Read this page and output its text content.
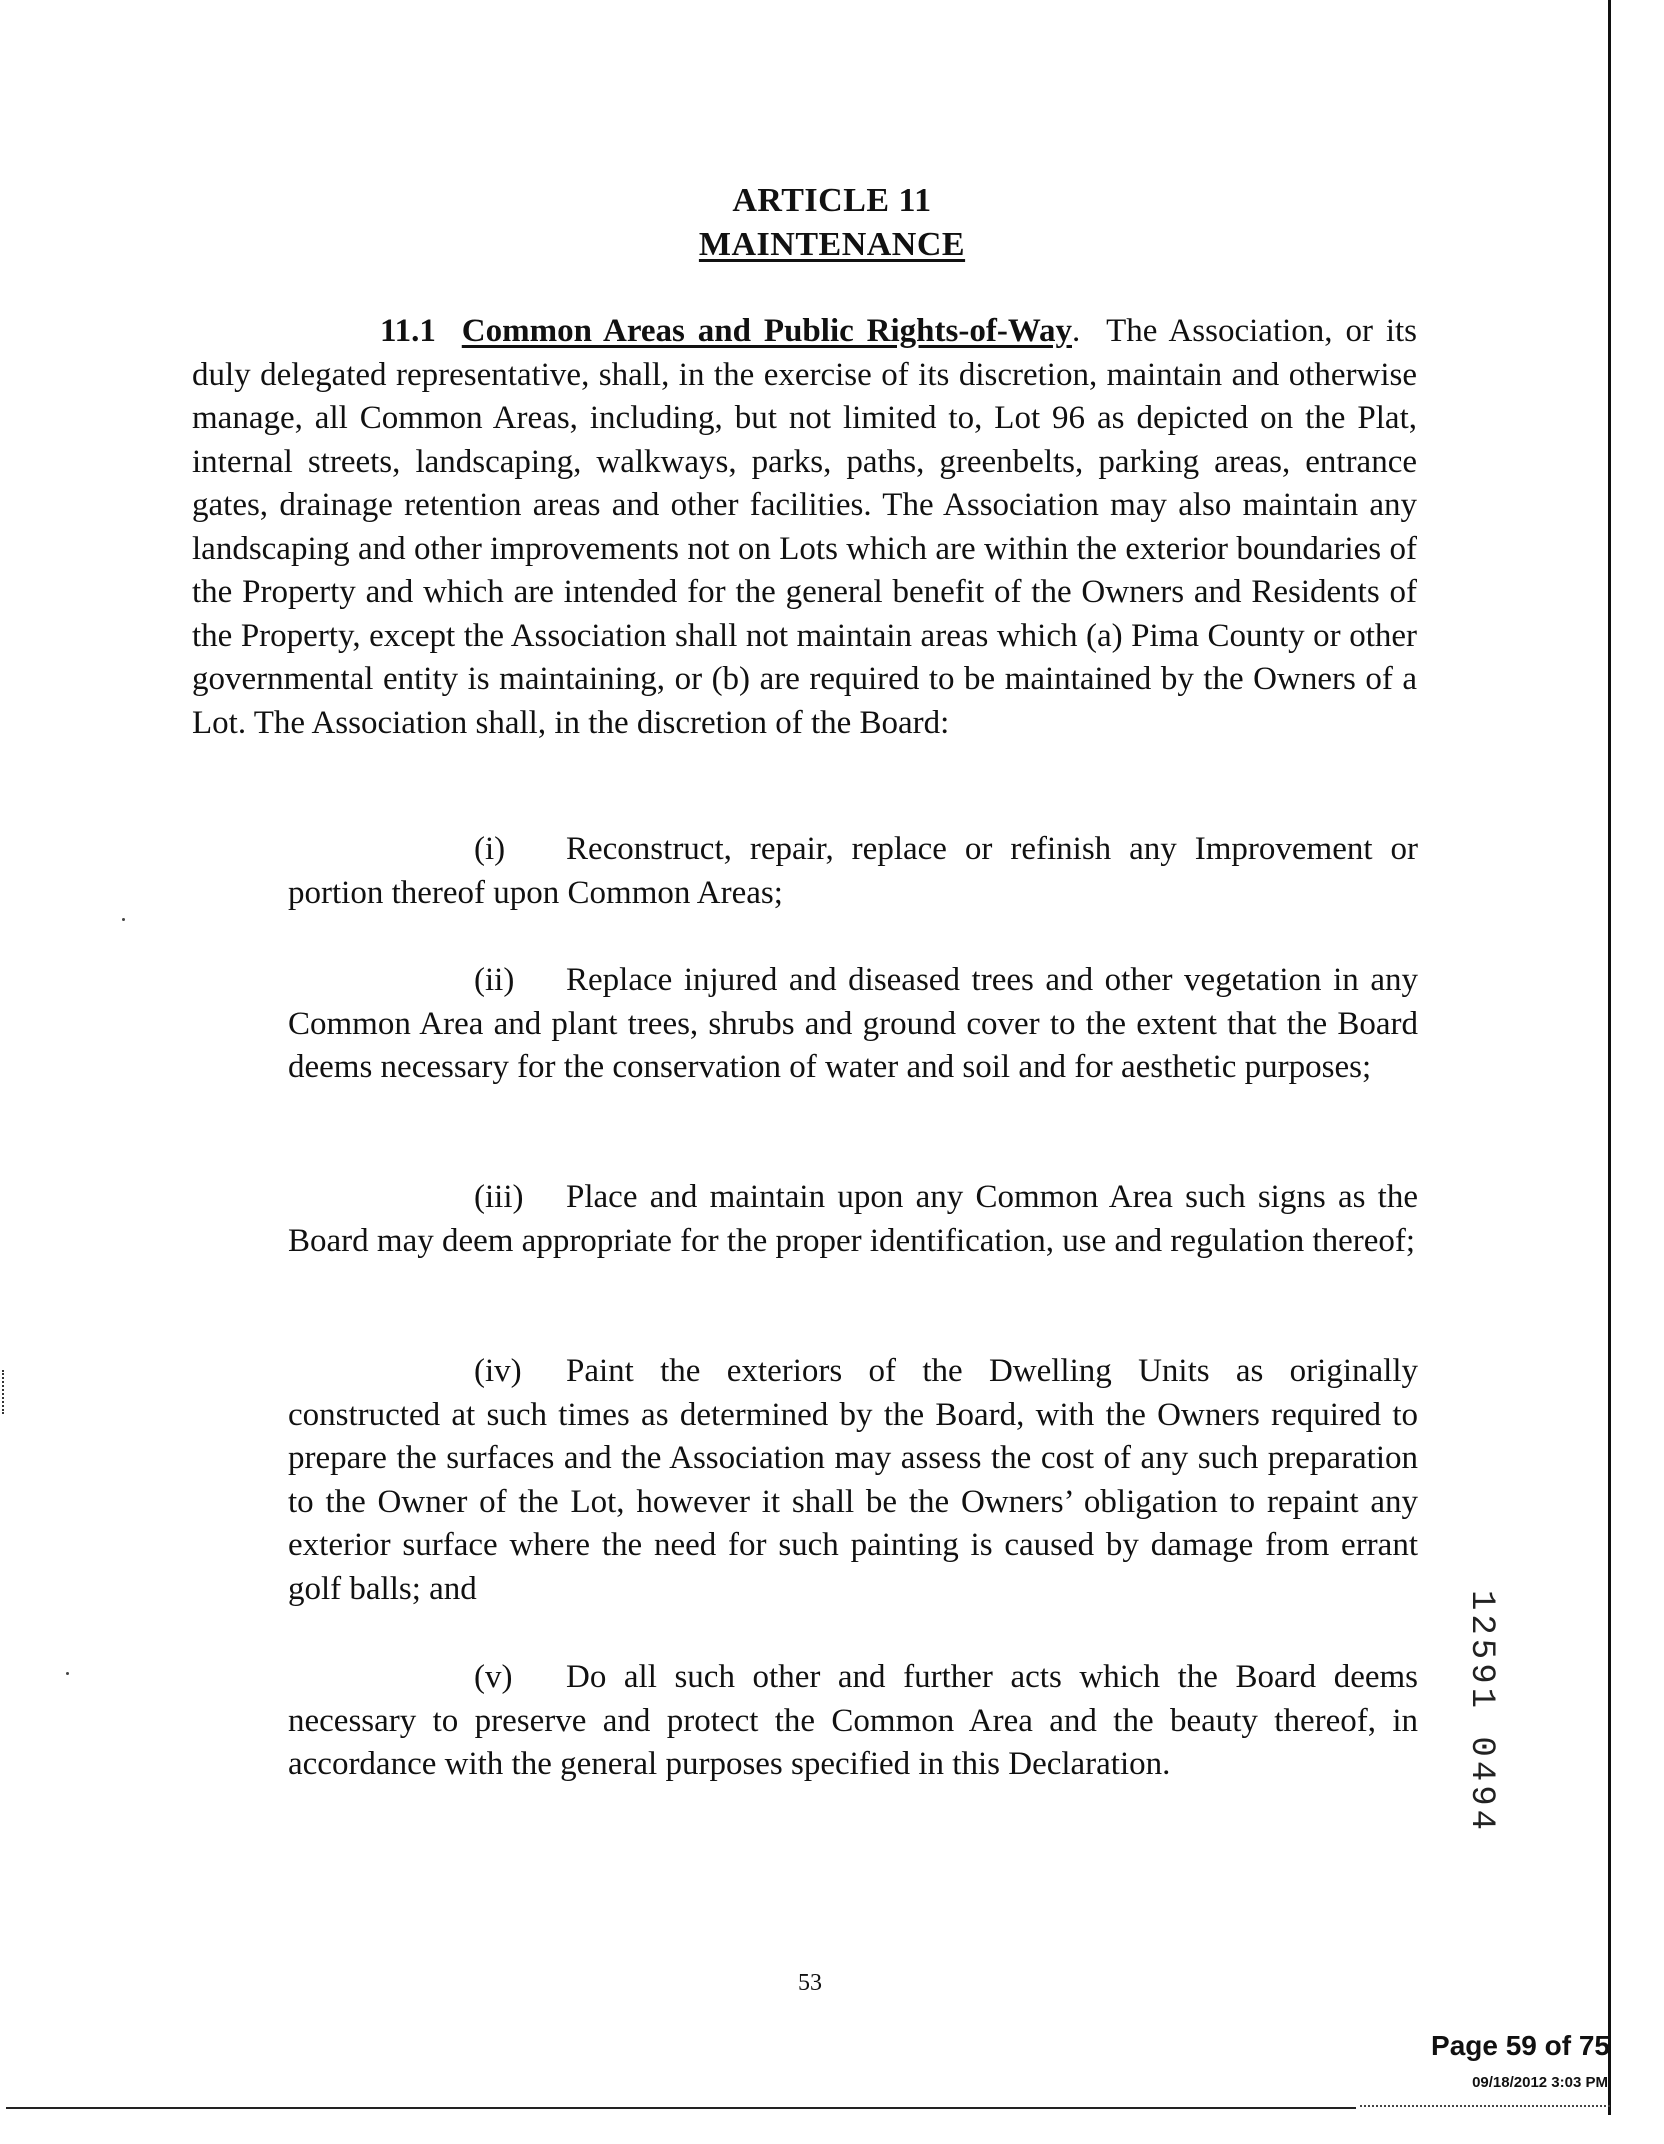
ARTICLE 11
MAINTENANCE

11.1 Common Areas and Public Rights-of-Way.  The Association, or its duly delegated representative, shall, in the exercise of its discretion, maintain and otherwise manage, all Common Areas, including, but not limited to, Lot 96 as depicted on the Plat, internal streets, landscaping, walkways, parks, paths, greenbelts, parking areas, entrance gates, drainage retention areas and other facilities. The Association may also maintain any landscaping and other improvements not on Lots which are within the exterior boundaries of the Property and which are intended for the general benefit of the Owners and Residents of the Property, except the Association shall not maintain areas which (a) Pima County or other governmental entity is maintaining, or (b) are required to be maintained by the Owners of a Lot. The Association shall, in the discretion of the Board:

(i) Reconstruct, repair, replace or refinish any Improvement or portion thereof upon Common Areas;

(ii) Replace injured and diseased trees and other vegetation in any Common Area and plant trees, shrubs and ground cover to the extent that the Board deems necessary for the conservation of water and soil and for aesthetic purposes;

(iii) Place and maintain upon any Common Area such signs as the Board may deem appropriate for the proper identification, use and regulation thereof;

(iv) Paint the exteriors of the Dwelling Units as originally constructed at such times as determined by the Board, with the Owners required to prepare the surfaces and the Association may assess the cost of any such preparation to the Owner of the Lot, however it shall be the Owners’ obligation to repaint any exterior surface where the need for such painting is caused by damage from errant golf balls; and

(v) Do all such other and further acts which the Board deems necessary to preserve and protect the Common Area and the beauty thereof, in accordance with the general purposes specified in this Declaration.

53
12591 0494
Page 59 of 75
09/18/2012 3:03 PM
